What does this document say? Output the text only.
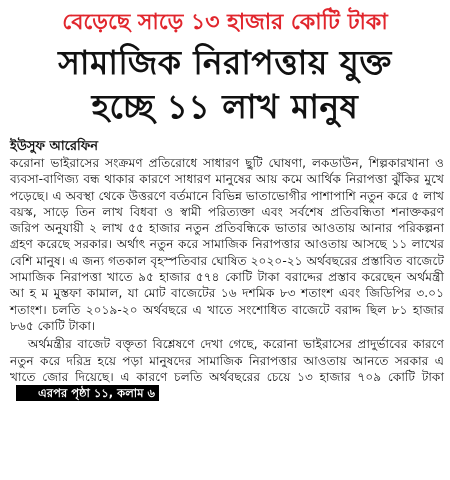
বেড়েছে সাড়ে ১৩ হাজার কোটি টাকা
সামাজিক নিরাপত্তায় যুক্ত
হচ্ছে ১১ লাখ মানুষ
ইউসুফ আরেফিন

করোনা ভাইরাসের সংক্রমণ প্রতিরোধে সাধারণ ছুটি ঘোষণা, লকডাউন, শিল্পকারখানা ও ব্যবসা-বাণিজ্য বন্ধ থাকার কারণে সাধারণ মানুষের আয় কমে আর্থিক নিরাপত্তা ঝুঁকির মুখে পড়েছে। এ অবস্থা থেকে উত্তরণে বর্তমানে বিভিন্ন ভাতাভোগীর পাশাপাশি নতুন করে ৫ লাখ বয়স্ক, সাড়ে তিন লাখ বিধবা ও স্বামী পরিত্যক্তা এবং সর্বশেষ প্রতিবন্ধিতা শনাক্তকরণ জরিপ অনুযায়ী ২ লাখ ৫৫ হাজার নতুন প্রতিবন্ধিকে ভাতার আওতায় আনার পরিকল্পনা গ্রহণ করেছে সরকার। অর্থাৎ নতুন করে সামাজিক নিরাপত্তার আওতায় আসছে ১১ লাখের বেশি মানুষ। এ জন্য গতকাল বৃহস্পতিবার ঘোষিত ২০২০-২১ অর্থবছরের প্রস্তাবিত বাজেটে সামাজিক নিরাপত্তা খাতে ৯৫ হাজার ৫৭৪ কোটি টাকা বরাদ্দের প্রস্তাব করেছেন অর্থমন্ত্রী আ হ ম মুস্তফা কামাল, যা মোট বাজেটের ১৬ দশমিক ৮৩ শতাংশ এবং জিডিপির ৩.০১ শতাংশ। চলতি ২০১৯-২০ অর্থবছরে এ খাতে সংশোধিত বাজেটে বরাদ্দ ছিল ৮১ হাজার ৮৬৫ কোটি টাকা।

অর্থমন্ত্রীর বাজেট বক্তৃতা বিশ্লেষণে দেখা গেছে, করোনা ভাইরাসের প্রাদুর্ভাবের কারণে নতুন করে দরিদ্র হয়ে পড়া মানুষদের সামাজিক নিরাপত্তার আওতায় আনতে সরকার এ খাতে জোর দিয়েছে। এ কারণে চলতি অর্থবছরের চেয়ে ১৩ হাজার ৭০৯ কোটি টাকাএরপর পৃষ্ঠা ১১, কলাম ৬
